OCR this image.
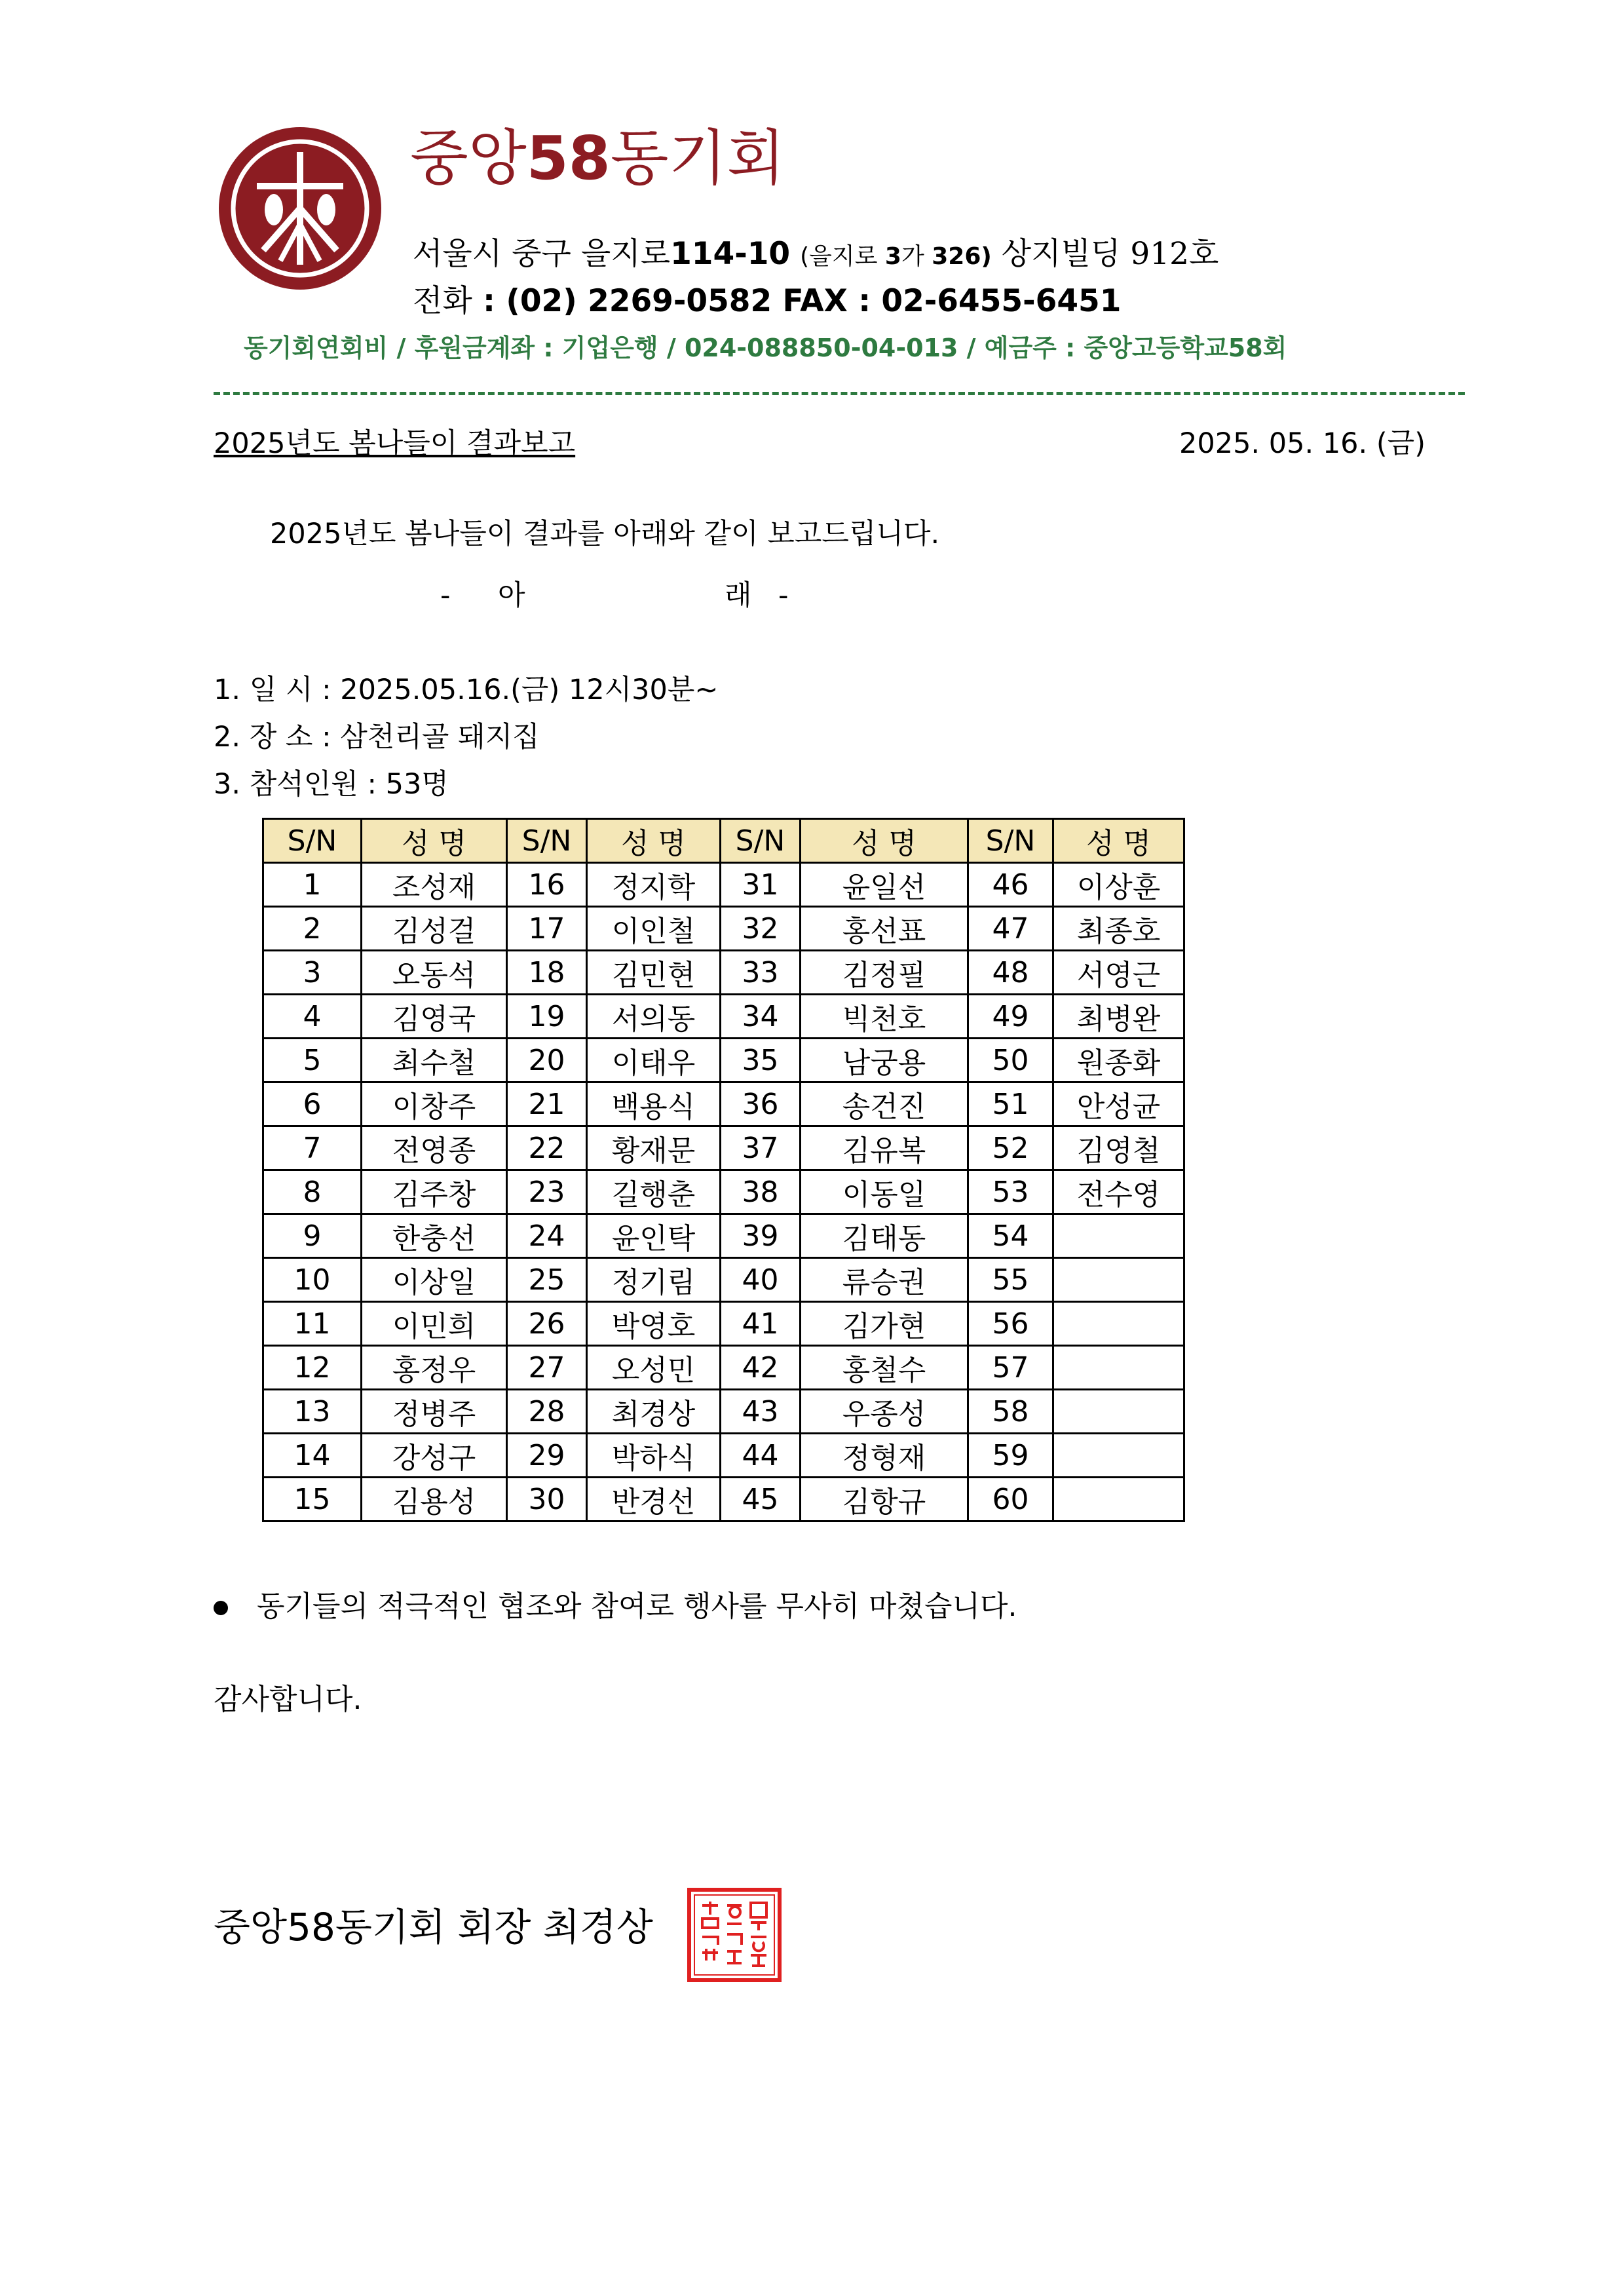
중앙58동기회
서울시 중구 을지로114-10 (을지로 3가 326) 상지빌딩 912호
전화 : (02) 2269-0582 FAX : 02-6455-6451
동기회연회비 / 후원금계좌 : 기업은행 / 024-088850-04-013 / 예금주 : 중앙고등학교58회
2025년도 봄나들이 결과보고	2025. 05. 16. (금)
2025년도 봄나들이 결과를 아래와 같이 보고드립니다.
- 아	래 -
1. 일 시 : 2025.05.16.(금) 12시30분~
2. 장 소 : 삼천리골 돼지집
3. 참석인원 : 53명
S/N	성 명	S/N	성 명	S/N	성 명	S/N	성 명
1	조성재	16	정지학	31	윤일선	46	이상훈
2	김성걸	17	이인철	32	홍선표	47	최종호
3	오동석	18	김민현	33	김정필	48	서영근
4	김영국	19	서의동	34	빅천호	49	최병완
5	최수철	20	이태우	35	남궁용	50	원종화
6	이창주	21	백용식	36	송건진	51	안성균
7	전영종	22	황재문	37	김유복	52	김영철
8	김주창	23	길행춘	38	이동일	53	전수영
9	한충선	24	윤인탁	39	김태동	54	
10	이상일	25	정기림	40	류승권	55	
11	이민희	26	박영호	41	김가현	56	
12	홍정우	27	오성민	42	홍철수	57	
13	정병주	28	최경상	43	우종성	58	
14	강성구	29	박하식	44	정형재	59	
15	김용성	30	반경선	45	김항규	60	
동기들의 적극적인 협조와 참여로 행사를 무사히 마쳤습니다.
감사합니다.
중앙58동기회 회장 최경상
